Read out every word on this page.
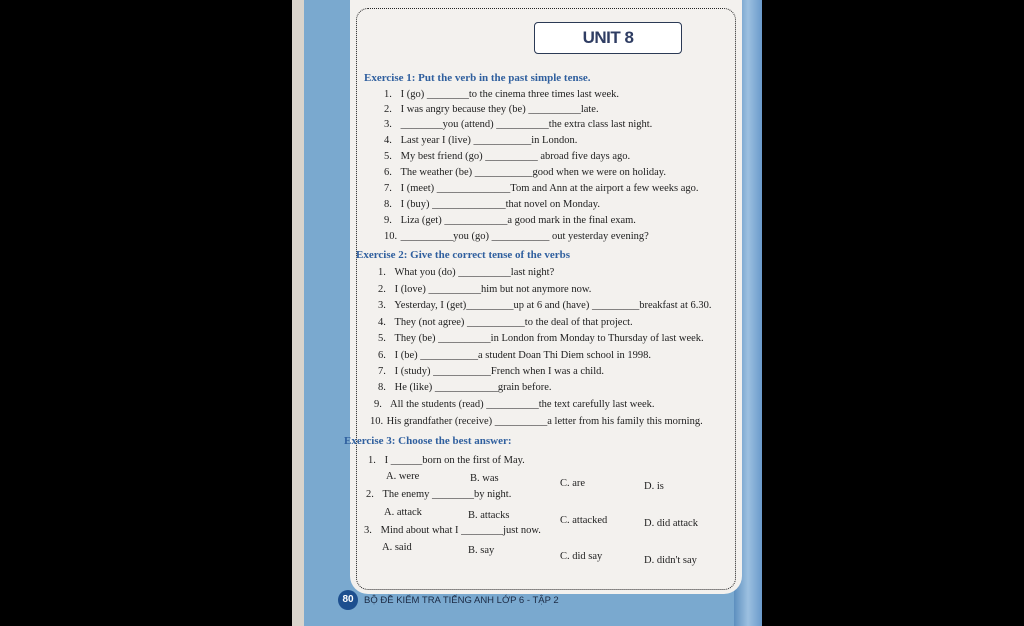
UNIT 8
Exercise 1: Put the verb in the past simple tense.
1. I (go) ________to the cinema three times last week.
2. I was angry because they (be) __________late.
3. ________you (attend) __________the extra class last night.
4. Last year I (live) ___________in London.
5. My best friend (go) __________ abroad five days ago.
6. The weather (be) ___________good when we were on holiday.
7. I (meet) ______________Tom and Ann at the airport a few weeks ago.
8. I (buy) ______________that novel on Monday.
9. Liza (get) ____________a good mark in the final exam.
10. __________you (go) ___________ out yesterday evening?
Exercise 2: Give the correct tense of the verbs
1. What you (do) __________last night?
2. I (love) __________him but not anymore now.
3. Yesterday, I (get)_________up at 6 and (have) _________breakfast at 6.30.
4. They (not agree) ___________to the deal of that project.
5. They (be) __________in London from Monday to Thursday of last week.
6. I (be) ___________a student Doan Thi Diem school in 1998.
7. I (study) ___________French when I was a child.
8. He (like) ____________grain before.
9. All the students (read) __________the text carefully last week.
10. His grandfather (receive) __________a letter from his family this morning.
Exercise 3: Choose the best answer:
1. I ______born on the first of May.
A. were	B. was	C. are	D. is
2. The enemy ________by night.
A. attack	B. attacks	C. attacked	D. did attack
3. Mind about what I ________just now.
A. said	B. say
C. did say	D. didn't say
80 BỘ ĐỀ KIỂM TRA TIẾNG ANH LỚP 6 - TẬP 2
